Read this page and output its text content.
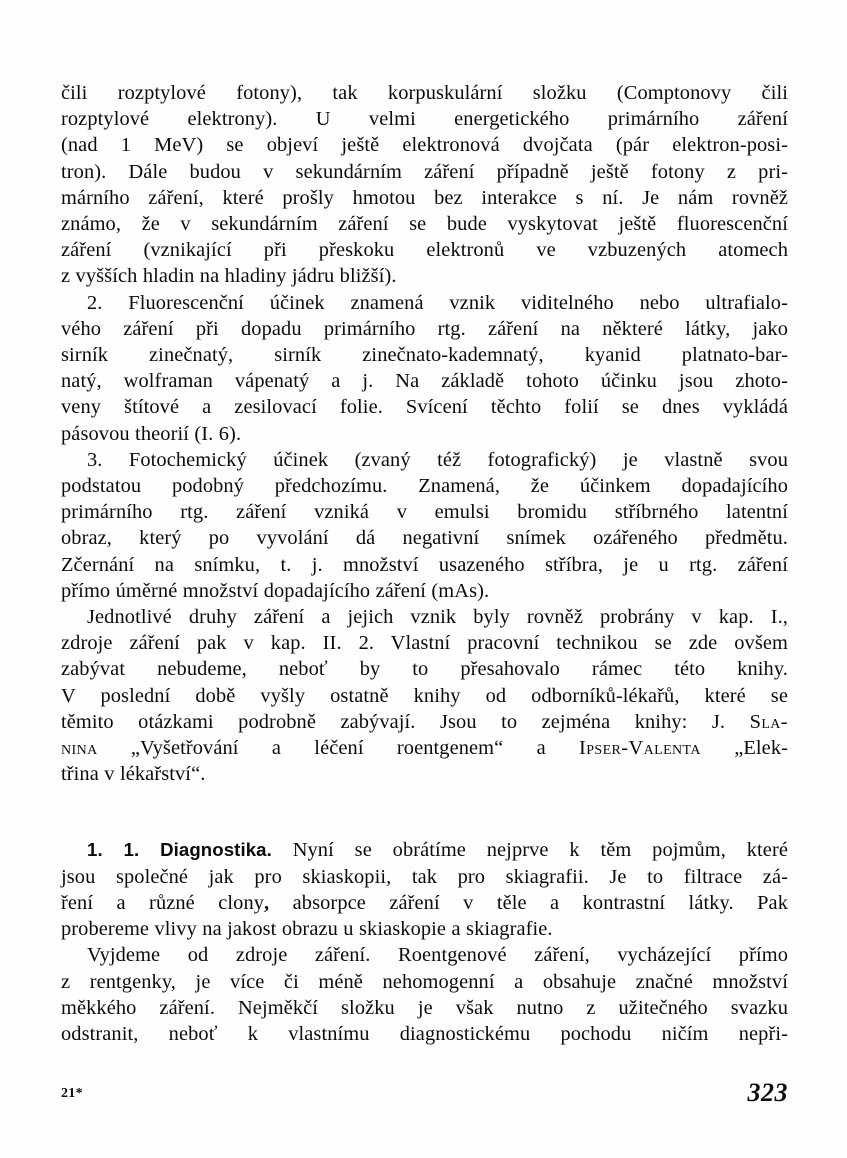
čili rozptylové fotony), tak korpuskulární složku (Comptonovy čili
rozptylové elektrony). U velmi energetického primárního záření
(nad 1 MeV) se objeví ještě elektronová dvojčata (pár elektron-posi-
tron). Dále budou v sekundárním záření případně ještě fotony z pri-
márního záření, které prošly hmotou bez interakce s ní. Je nám rovněž
známo, že v sekundárním záření se bude vyskytovat ještě fluorescenční
záření (vznikající při přeskoku elektronů ve vzbuzených atomech
z vyšších hladin na hladiny jádru bližší).

2. Fluorescenční účinek znamená vznik viditelného nebo ultrafialo-
vého záření při dopadu primárního rtg. záření na některé látky, jako
sirník zinečnatý, sirník zinečnato-kademnatý, kyanid platnato-bar-
natý, wolframan vápenatý a j. Na základě tohoto účinku jsou zhoto-
veny štítové a zesilovací folie. Svícení těchto folií se dnes vykládá
pásovou theorií (I. 6).

3. Fotochemický účinek (zvaný též fotografický) je vlastně svou
podstatou podobný předchozímu. Znamená, že účinkem dopadajícího
primárního rtg. záření vzniká v emulsi bromidu stříbrného latentní
obraz, který po vyvolání dá negativní snímek ozářeného předmětu.
Zčernání na snímku, t. j. množství usazeného stříbra, je u rtg. záření
přímo úměrné množství dopadajícího záření (mAs).

Jednotlivé druhy záření a jejich vznik byly rovněž probrány v kap. I.,
zdroje záření pak v kap. II. 2. Vlastní pracovní technikou se zde ovšem
zabývat nebudeme, neboť by to přesahovalo rámec této knihy.
V poslední době vyšly ostatně knihy od odborníků-lékařů, které se
těmito otázkami podrobně zabývají. Jsou to zejména knihy: J. Sla-
nina „Vyšetřování a léčení roentgenem“ a Ipser-Valenta „Elek-
třina v lékařství“.

1. 1. Diagnostika. Nyní se obrátíme nejprve k těm pojmům, které
jsou společné jak pro skiaskopii, tak pro skiagrafii. Je to filtrace zá-
ření a různé clony, absorpce záření v těle a kontrastní látky. Pak
probereme vlivy na jakost obrazu u skiaskopie a skiagrafie.

Vyjdeme od zdroje záření. Roentgenové záření, vycházející přímo
z rentgenky, je více či méně nehomogenní a obsahuje značné množství
měkkého záření. Nejměkčí složku je však nutno z užitečného svazku
odstranit, neboť k vlastnímu diagnostickému pochodu ničím nepři-

21*	323
